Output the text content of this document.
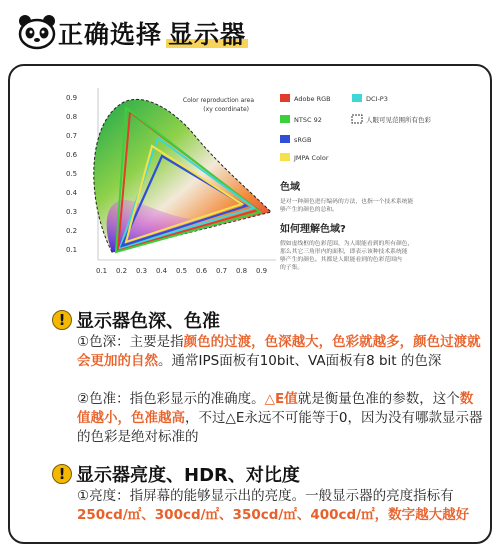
正确选择 显示器
0.9
0.8
0.7
0.6
0.5
0.4
0.3
0.2
0.1
0.1 0.2 0.3 0.4 0.5 0.6 0.7 0.8 0.9
Color reproduction area
(xy coordinate)
Adobe RGB	DCI-P3
NTSC 92	人眼可见范围所有色彩
sRGB
JMPA Color
色域
是对一种颜色进行编码的方法，也指一个技术系统能
够产生的颜色的总和。
如何理解色域?
假如虚线框的色彩范围，为人眼能看到的所有颜色，
那么其它三角形内的面积，即表示该种技术系统能
够产生的颜色。其都是人眼能看到的色彩范围内
的子集。
! 显示器色深、色准
①色深：主要是指颜色的过渡，色深越大，色彩就越多，颜色过渡就会更加的自然。通常IPS面板有10bit、VA面板有8 bit 的色深
②色准：指色彩显示的准确度。△E值就是衡量色准的参数，这个数值越小，色准越高，不过△E永远不可能等于0，因为没有哪款显示器的色彩是绝对标准的
! 显示器亮度、HDR、对比度
①亮度：指屏幕的能够显示出的亮度。一般显示器的亮度指标有250cd/㎡、300cd/㎡、350cd/㎡、400cd/㎡，数字越大越好
